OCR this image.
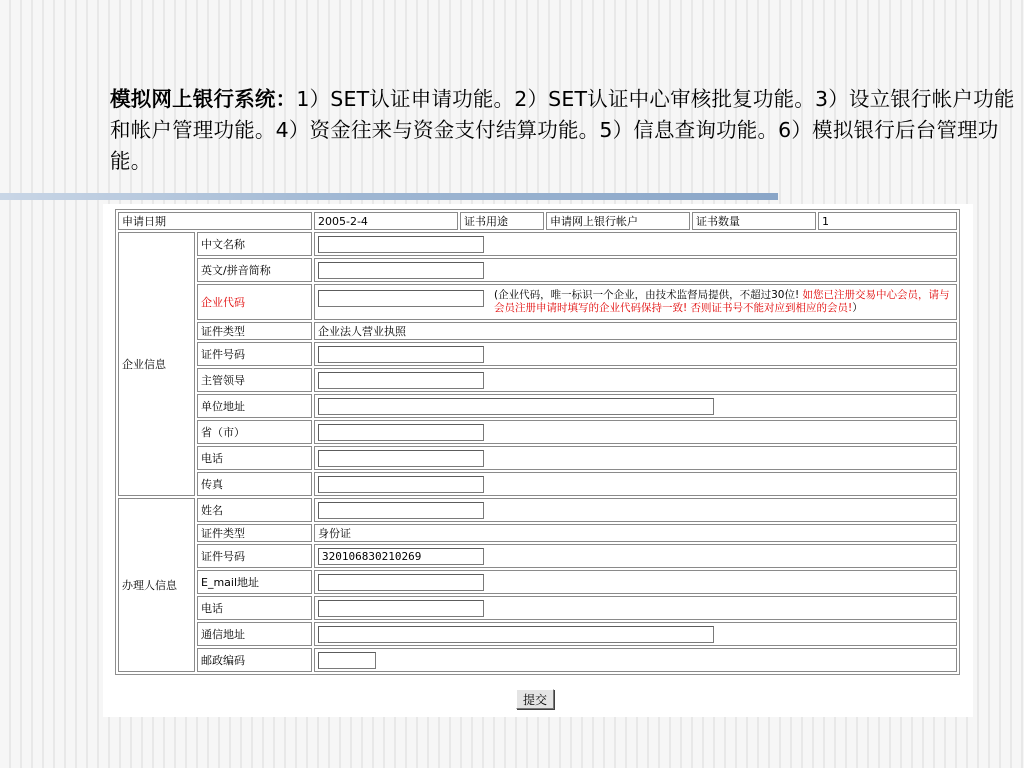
模拟网上银行系统：1）SET认证申请功能。2）SET认证中心审核批复功能。3）设立银行帐户功能和帐户管理功能。4）资金往来与资金支付结算功能。5）信息查询功能。6）模拟银行后台管理功能。
申请日期		2005-2-4	证书用途	申请网上银行帐户	证书数量	1
企业信息	中文名称	
	英文/拼音简称	
	企业代码	(企业代码，唯一标识一个企业，由技术监督局提供，不超过30位! 如您已注册交易中心会员，请与会员注册申请时填写的企业代码保持一致! 否则证书号不能对应到相应的会员!）				

	证件类型	企业法人营业执照				
	证件号码	
	主管领导	
	单位地址	
	省（市）	
	电话	
	传真	
办理人信息	姓名	
	证件类型	身份证				
	证件号码	320106830210269
	E_mail地址	
	电话	
	通信地址	
	邮政编码	
提交
